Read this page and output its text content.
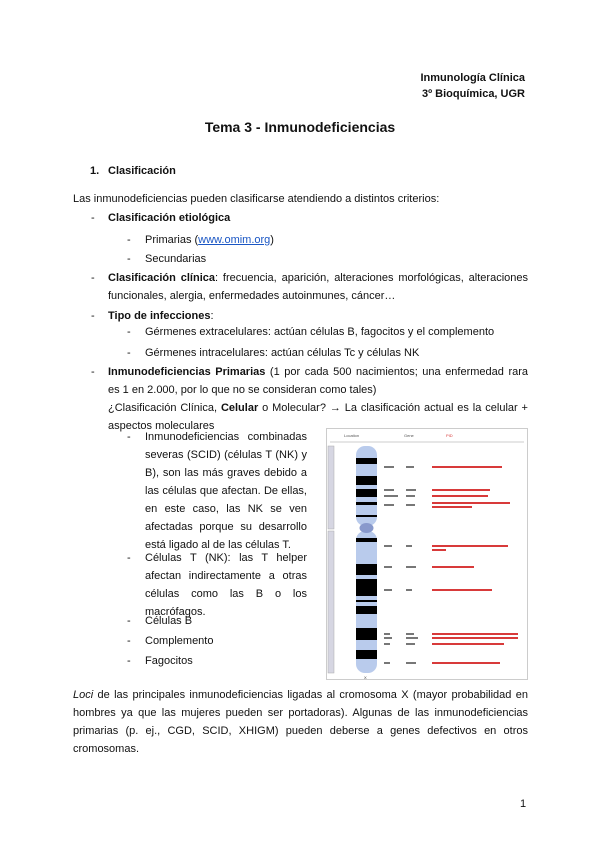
Inmunología Clínica
3º Bioquímica, UGR
Tema 3 - Inmunodeficiencias
1. Clasificación
Las inmunodeficiencias pueden clasificarse atendiendo a distintos criterios:
- Clasificación etiológica
- Primarias (www.omim.org)
- Secundarias
- Clasificación clínica: frecuencia, aparición, alteraciones morfológicas, alteraciones funcionales, alergia, enfermedades autoinmunes, cáncer…
- Tipo de infecciones:
- Gérmenes extracelulares: actúan células B, fagocitos y el complemento
- Gérmenes intracelulares: actúan células Tc y células NK
- Inmunodeficiencias Primarias (1 por cada 500 nacimientos; una enfermedad rara es 1 en 2.000, por lo que no se consideran como tales)
¿Clasificación Clínica, Celular o Molecular? → La clasificación actual es la celular + aspectos moleculares
- Inmunodeficiencias combinadas severas (SCID) (células T (NK) y B), son las más graves debido a las células que afectan. De ellas, en este caso, las NK se ven afectadas porque su desarrollo está ligado al de las células T.
- Células T (NK): las T helper afectan indirectamente a otras células como las B o los macrófagos.
- Células B
- Complemento
- Fagocitos
Location	Gene	PID
X
Loci de las principales inmunodeficiencias ligadas al cromosoma X (mayor probabilidad en hombres ya que las mujeres pueden ser portadoras). Algunas de las inmunodeficiencias primarias (p. ej., CGD, SCID, XHIGM) pueden deberse a genes defectivos en otros cromosomas.
1
